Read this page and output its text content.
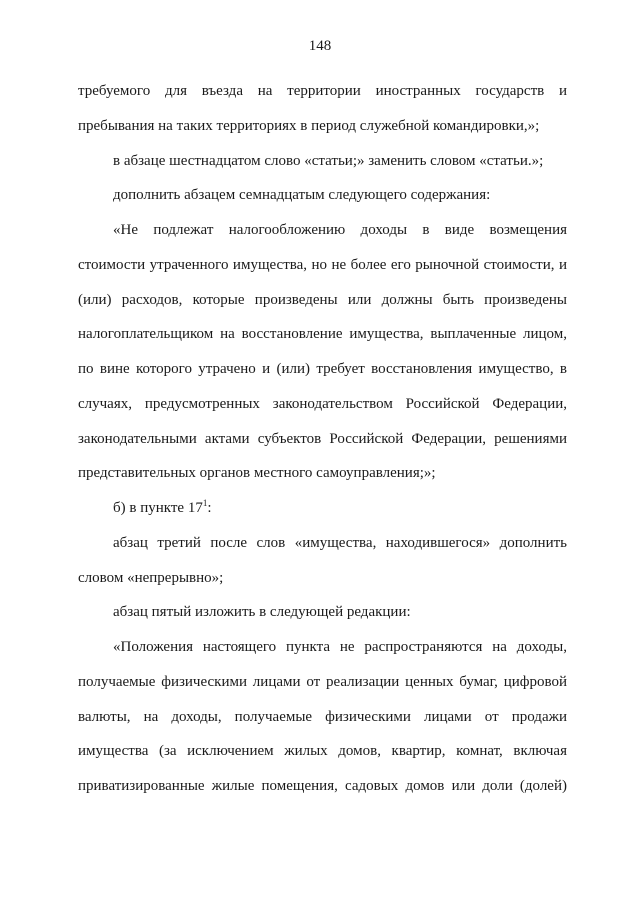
148
требуемого для въезда на территории иностранных государств и
пребывания на таких территориях в период служебной командировки,»;
в абзаце шестнадцатом слово «статьи;» заменить словом «статьи.»;
дополнить абзацем семнадцатым следующего содержания:
«Не подлежат налогообложению доходы в виде возмещения
стоимости утраченного имущества, но не более его рыночной стоимости, и
(или) расходов, которые произведены или должны быть произведены
налогоплательщиком на восстановление имущества, выплаченные лицом,
по вине которого утрачено и (или) требует восстановления имущество, в
случаях, предусмотренных законодательством Российской Федерации,
законодательными актами субъектов Российской Федерации, решениями
представительных органов местного самоуправления;»;
б) в пункте $17^1$:
абзац третий после слов «имущества, находившегося» дополнить
словом «непрерывно»;
абзац пятый изложить в следующей редакции:
«Положения настоящего пункта не распространяются на доходы,
получаемые физическими лицами от реализации ценных бумаг, цифровой
валюты, на доходы, получаемые физическими лицами от продажи
имущества (за исключением жилых домов, квартир, комнат, включая
приватизированные жилые помещения, садовых домов или доли (долей)
